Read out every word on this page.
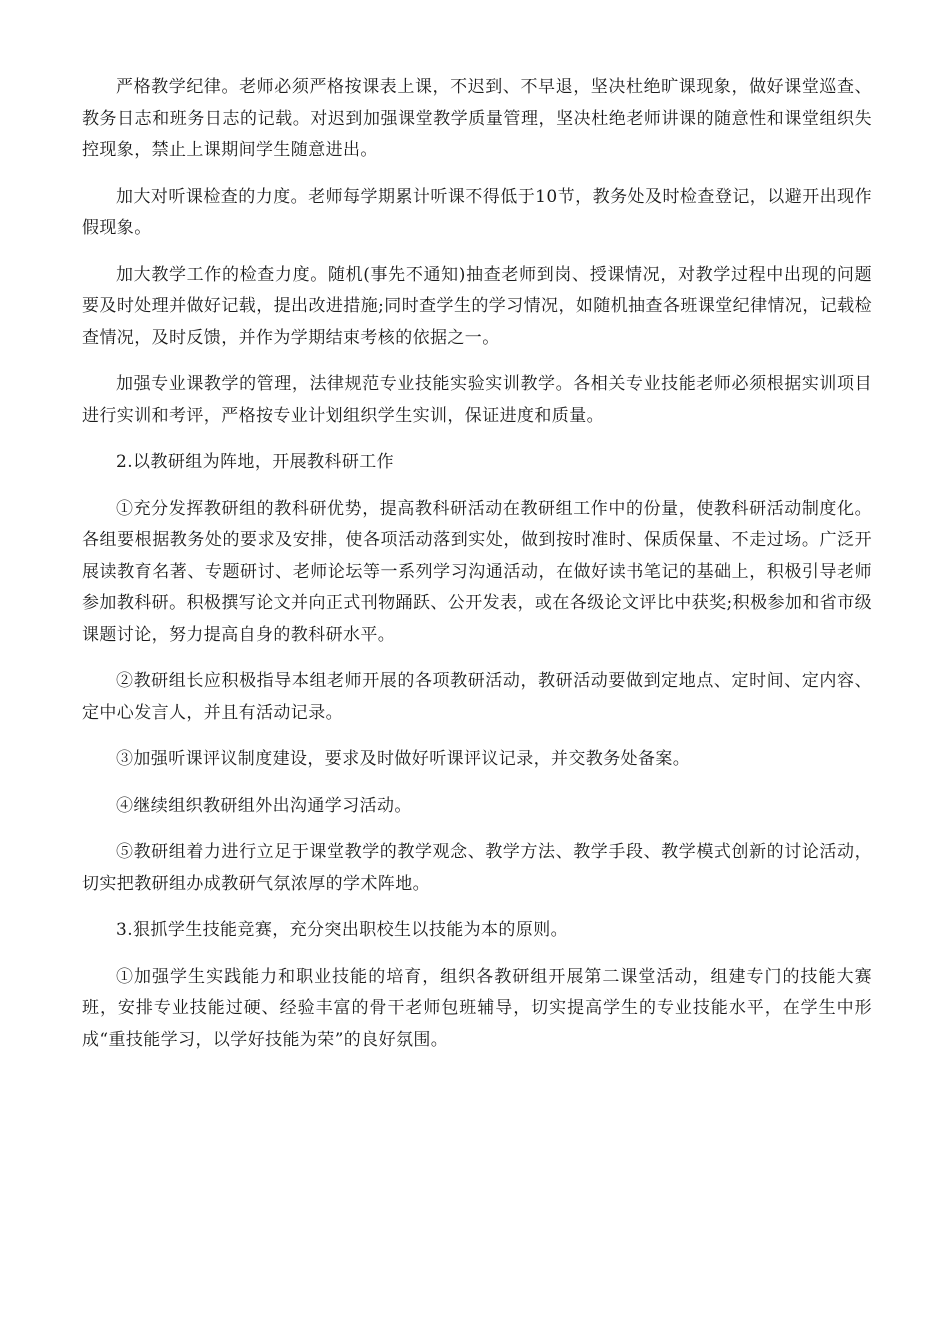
严格教学纪律。老师必须严格按课表上课，不迟到、不早退，坚决杜绝旷课现象，做好课堂巡查、教务日志和班务日志的记载。对迟到加强课堂教学质量管理，坚决杜绝老师讲课的随意性和课堂组织失控现象，禁止上课期间学生随意进出。

加大对听课检查的力度。老师每学期累计听课不得低于10节，教务处及时检查登记，以避开出现作假现象。

加大教学工作的检查力度。随机(事先不通知)抽查老师到岗、授课情况，对教学过程中出现的问题要及时处理并做好记载，提出改进措施;同时查学生的学习情况，如随机抽查各班课堂纪律情况，记载检查情况，及时反馈，并作为学期结束考核的依据之一。

加强专业课教学的管理，法律规范专业技能实验实训教学。各相关专业技能老师必须根据实训项目进行实训和考评，严格按专业计划组织学生实训，保证进度和质量。

2.以教研组为阵地，开展教科研工作

①充分发挥教研组的教科研优势，提高教科研活动在教研组工作中的份量，使教科研活动制度化。各组要根据教务处的要求及安排，使各项活动落到实处，做到按时准时、保质保量、不走过场。广泛开展读教育名著、专题研讨、老师论坛等一系列学习沟通活动，在做好读书笔记的基础上，积极引导老师参加教科研。积极撰写论文并向正式刊物踊跃、公开发表，或在各级论文评比中获奖;积极参加和省市级课题讨论，努力提高自身的教科研水平。

②教研组长应积极指导本组老师开展的各项教研活动，教研活动要做到定地点、定时间、定内容、定中心发言人，并且有活动记录。

③加强听课评议制度建设，要求及时做好听课评议记录，并交教务处备案。

④继续组织教研组外出沟通学习活动。

⑤教研组着力进行立足于课堂教学的教学观念、教学方法、教学手段、教学模式创新的讨论活动，切实把教研组办成教研气氛浓厚的学术阵地。

3.狠抓学生技能竞赛，充分突出职校生以技能为本的原则。

①加强学生实践能力和职业技能的培育，组织各教研组开展第二课堂活动，组建专门的技能大赛班，安排专业技能过硬、经验丰富的骨干老师包班辅导，切实提高学生的专业技能水平，在学生中形成“重技能学习，以学好技能为荣”的良好氛围。
